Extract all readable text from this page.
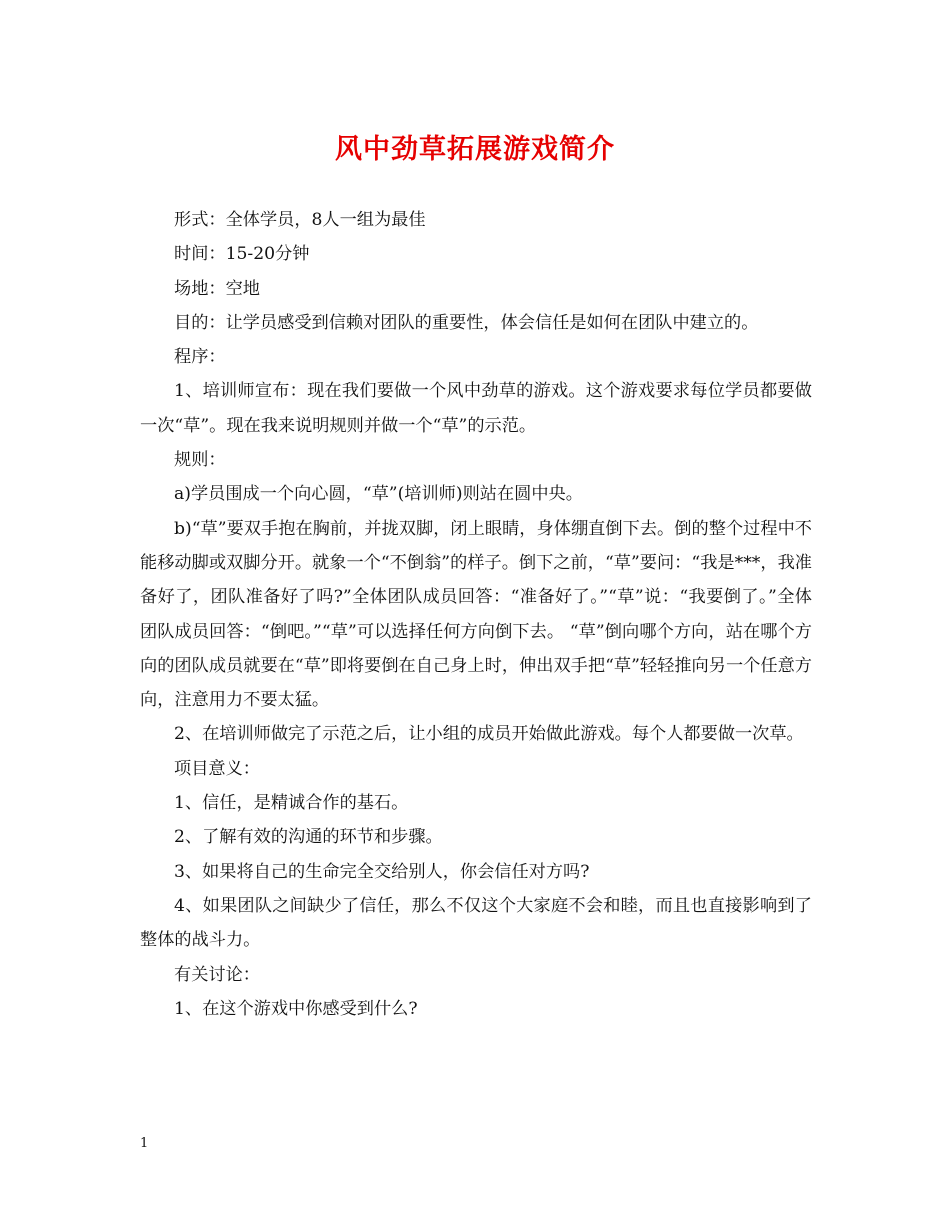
风中劲草拓展游戏简介

形式：全体学员，8人一组为最佳

时间：15-20分钟

场地：空地

目的：让学员感受到信赖对团队的重要性，体会信任是如何在团队中建立的。

程序：

1、培训师宣布：现在我们要做一个风中劲草的游戏。这个游戏要求每位学员都要做一次“草”。现在我来说明规则并做一个“草”的示范。

规则：

a)学员围成一个向心圆，“草”(培训师)则站在圆中央。

b)“草”要双手抱在胸前，并拢双脚，闭上眼睛，身体绷直倒下去。倒的整个过程中不能移动脚或双脚分开。就象一个“不倒翁”的样子。倒下之前，“草”要问：“我是***，我准备好了，团队准备好了吗?”全体团队成员回答：“准备好了。”“草”说：“我要倒了。”全体团队成员回答：“倒吧。”“草”可以选择任何方向倒下去。 “草”倒向哪个方向，站在哪个方向的团队成员就要在“草”即将要倒在自己身上时，伸出双手把“草”轻轻推向另一个任意方向，注意用力不要太猛。

2、在培训师做完了示范之后，让小组的成员开始做此游戏。每个人都要做一次草。

项目意义：

1、信任，是精诚合作的基石。

2、了解有效的沟通的环节和步骤。

3、如果将自己的生命完全交给别人，你会信任对方吗?

4、如果团队之间缺少了信任，那么不仅这个大家庭不会和睦，而且也直接影响到了整体的战斗力。

有关讨论：

1、在这个游戏中你感受到什么?

1
